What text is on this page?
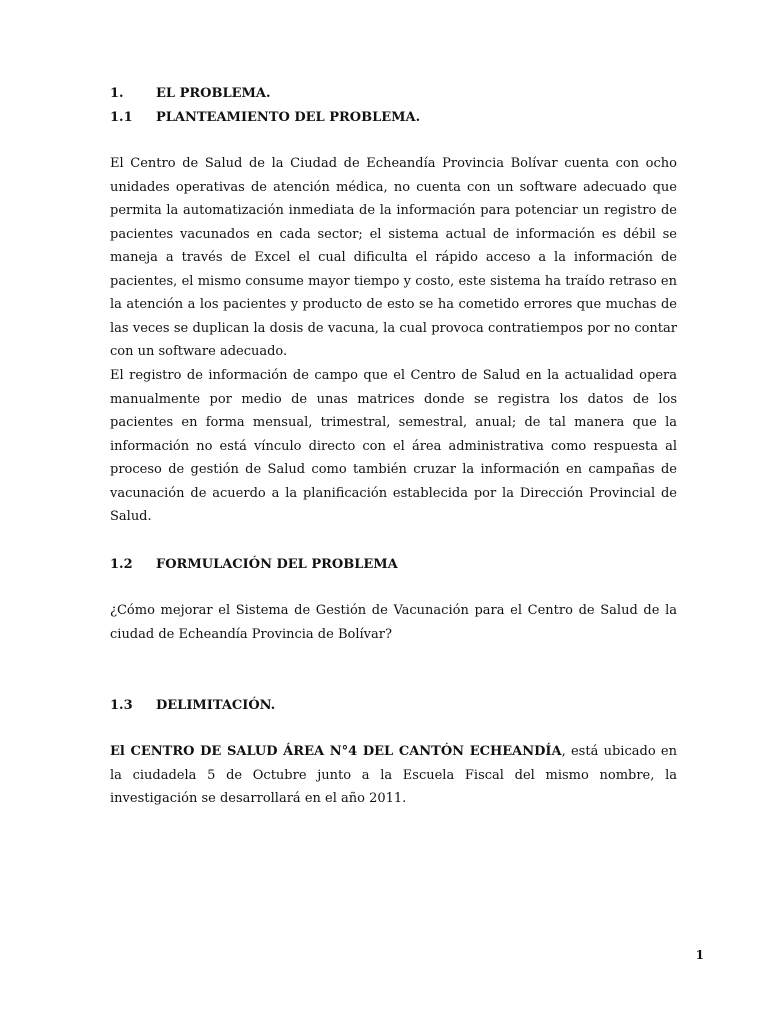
1. EL PROBLEMA.
1.1 PLANTEAMIENTO DEL PROBLEMA.

El Centro de Salud de la Ciudad de Echeandía Provincia Bolívar cuenta con ocho unidades operativas de atención médica, no cuenta con un software adecuado que permita la automatización inmediata de la información para potenciar un registro de pacientes vacunados en cada sector; el sistema actual de información es débil se maneja a través de Excel el cual dificulta el rápido acceso a la información de pacientes, el mismo consume mayor tiempo y costo, este sistema ha traído retraso en la atención a los pacientes y producto de esto se ha cometido errores que muchas de las veces se duplican la dosis de vacuna, la cual provoca contratiempos por no contar con un software adecuado.

El registro de información de campo que el Centro de Salud en la actualidad opera manualmente por medio de unas matrices donde se registra los datos de los pacientes en forma mensual, trimestral, semestral, anual; de tal manera que la información no está vínculo directo con el área administrativa como respuesta al proceso de gestión de Salud como también cruzar la información en campañas de vacunación de acuerdo a la planificación establecida por la Dirección Provincial de Salud.

1.2 FORMULACIÓN DEL PROBLEMA

¿Cómo mejorar el Sistema de Gestión de Vacunación para el Centro de Salud de la ciudad de Echeandía Provincia de Bolívar?

1.3 DELIMITACIÓN.

El CENTRO DE SALUD ÁREA N°4 DEL CANTÓN ECHEANDÍA, está ubicado en la ciudadela 5 de Octubre junto a la Escuela Fiscal del mismo nombre, la investigación se desarrollará en el año 2011.

1
